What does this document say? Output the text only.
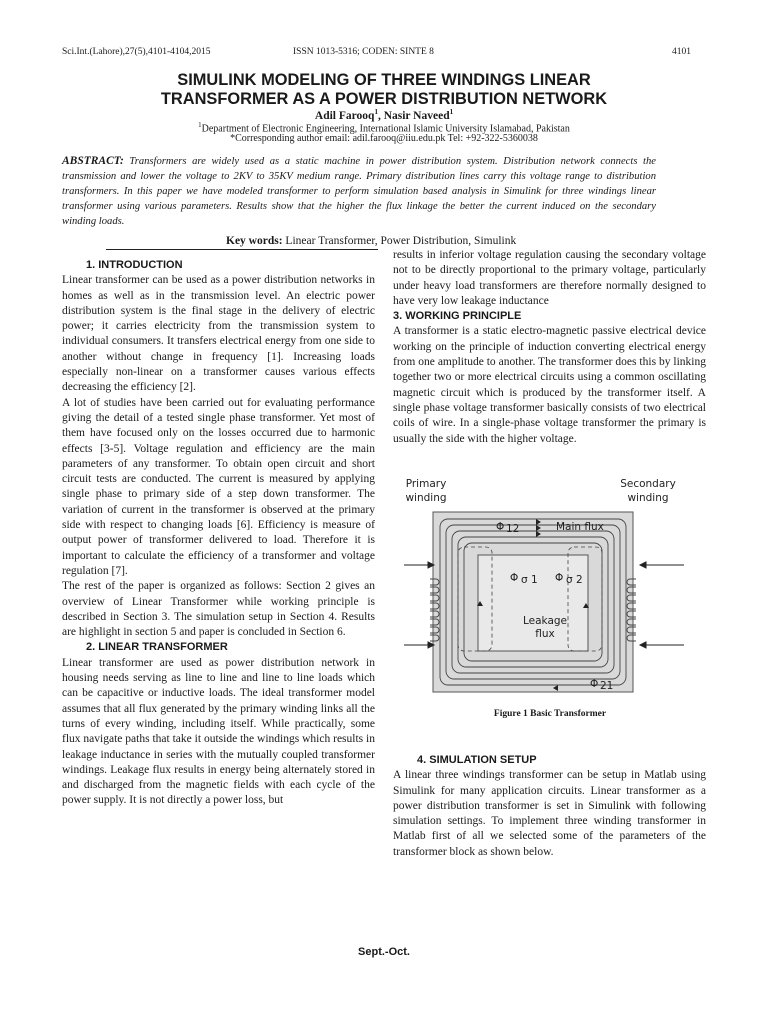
Sci.Int.(Lahore),27(5),4101-4104,2015	ISSN 1013-5316; CODEN: SINTE 8	4101
SIMULINK MODELING OF THREE WINDINGS LINEAR
TRANSFORMER AS A POWER DISTRIBUTION NETWORK
Adil Farooq$^1$, Nasir Naveed$^1$
$^1$Department of Electronic Engineering, International Islamic University Islamabad, Pakistan
*Corresponding author email: adil.farooq@iiu.edu.pk Tel: +92-322-5360038
ABSTRACT: Transformers are widely used as a static machine in power distribution system. Distribution network connects the transmission and lower the voltage to 2KV to 35KV medium range. Primary distribution lines carry this voltage range to distribution transformers. In this paper we have modeled transformer to perform simulation based analysis in Simulink for three windings linear transformer using various parameters. Results show that the higher the flux linkage the better the current induced on the secondary winding loads.
Key words: Linear Transformer, Power Distribution, Simulink
1. INTRODUCTION

Linear transformer can be used as a power distribution networks in homes as well as in the transmission level. An electric power distribution system is the final stage in the delivery of electric power; it carries electricity from the transmission system to individual consumers. It transfers electrical energy from one side to another without change in frequency [1]. Increasing loads especially non-linear on a transformer causes various effects decreasing the efficiency [2].

A lot of studies have been carried out for evaluating performance giving the detail of a tested single phase transformer. Yet most of them have focused only on the losses occurred due to harmonic effects [3-5]. Voltage regulation and efficiency are the main parameters of any transformer. To obtain open circuit and short circuit tests are conducted. The current is measured by applying single phase to primary side of a step down transformer. The variation of current in the transformer is observed at the primary side with respect to changing loads [6]. Efficiency is measure of output power of transformer delivered to load. Therefore it is important to calculate the efficiency of a transformer and voltage regulation [7].

The rest of the paper is organized as follows: Section 2 gives an overview of Linear Transformer while working principle is described in Section 3. The simulation setup in Section 4. Results are highlight in section 5 and paper is concluded in Section 6.

2. LINEAR TRANSFORMER

Linear transformer are used as power distribution network in housing needs serving as line to line and line to line loads which can be capacitive or inductive loads. The ideal transformer model assumes that all flux generated by the primary winding links all the turns of every winding, including itself. While practically, some flux navigate paths that take it outside the windings which results in leakage inductance in series with the mutually coupled transformer windings. Leakage flux results in energy being alternately stored in and discharged from the magnetic fields with each cycle of the power supply. It is not directly a power loss, but

results in inferior voltage regulation causing the secondary voltage not to be directly proportional to the primary voltage, particularly under heavy load transformers are therefore normally designed to have very low leakage inductance

3. WORKING PRINCIPLE

A transformer is a static electro-magnetic passive electrical device working on the principle of induction converting electrical energy from one amplitude to another. The transformer does this by linking together two or more electrical circuits using a common oscillating magnetic circuit which is produced by the transformer itself. A single phase voltage transformer basically consists of two electrical coils of wire. In a single-phase voltage transformer the primary is usually the side with the higher voltage.

Primary
winding
Secondary
winding
Φ 12	Main flux
Φ σ 1 Φ σ 2
Leakage
flux
Φ 21
Figure 1 Basic Transformer
4. SIMULATION SETUP

A linear three windings transformer can be setup in Matlab using Simulink for many application circuits. Linear transformer as a power distribution transformer is set in Simulink with following simulation settings. To implement three winding transformer in Matlab first of all we selected some of the parameters of the transformer block as shown below.

Sept.-Oct.
